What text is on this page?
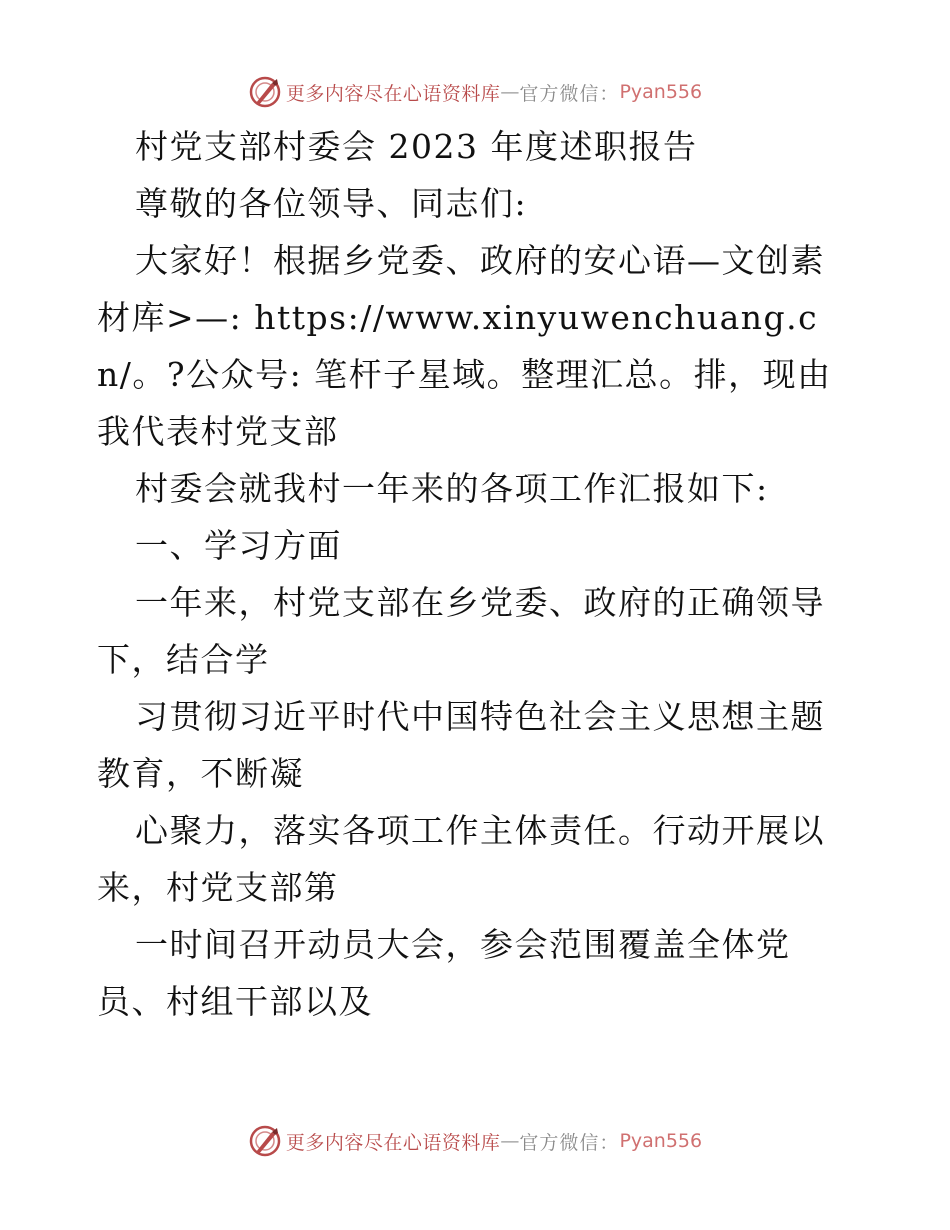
更多内容尽在心语资料库 — 官方微信： Pyan556

村党支部村委会 2023 年度述职报告

尊敬的各位领导、同志们:

大家好！根据乡党委、政府的安心语—文创素材库>—: https://www.xinyuwenchuang.cn/。?公众号: 笔杆子星域。整理汇总。排，现由我代表村党支部

村委会就我村一年来的各项工作汇报如下:

一、学习方面

一年来，村党支部在乡党委、政府的正确领导下，结合学

习贯彻习近平时代中国特色社会主义思想主题教育，不断凝

心聚力，落实各项工作主体责任。行动开展以来，村党支部第

一时间召开动员大会，参会范围覆盖全体党员、村组干部以及

更多内容尽在心语资料库 — 官方微信： Pyan556
